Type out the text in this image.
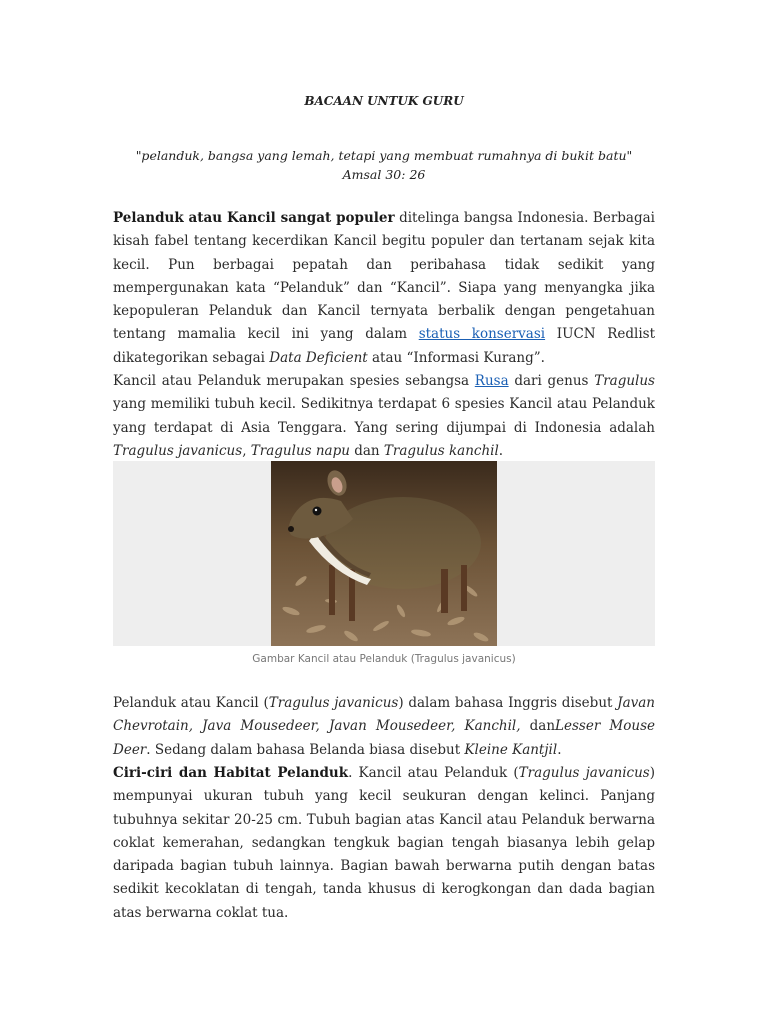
BACAAN UNTUK GURU
"pelanduk, bangsa yang lemah, tetapi yang membuat rumahnya di bukit batu"
Amsal 30: 26
Pelanduk atau Kancil sangat populer ditelinga bangsa Indonesia. Berbagai kisah fabel tentang kecerdikan Kancil begitu populer dan tertanam sejak kita kecil. Pun berbagai pepatah dan peribahasa tidak sedikit yang mempergunakan kata “Pelanduk” dan “Kancil”. Siapa yang menyangka jika kepopuleran Pelanduk dan Kancil ternyata berbalik dengan pengetahuan tentang mamalia kecil ini yang dalam status konservasi IUCN Redlist dikategorikan sebagai Data Deficient atau “Informasi Kurang”.
Kancil atau Pelanduk merupakan spesies sebangsa Rusa dari genus Tragulus yang memiliki tubuh kecil. Sedikitnya terdapat 6 spesies Kancil atau Pelanduk yang terdapat di Asia Tenggara. Yang sering dijumpai di Indonesia adalah Tragulus javanicus, Tragulus napu dan Tragulus kanchil.
Gambar Kancil atau Pelanduk (Tragulus javanicus)
Pelanduk atau Kancil (Tragulus javanicus) dalam bahasa Inggris disebut Javan Chevrotain, Java Mousedeer, Javan Mousedeer, Kanchil, danLesser Mouse Deer. Sedang dalam bahasa Belanda biasa disebut Kleine Kantjil.
Ciri-ciri dan Habitat Pelanduk. Kancil atau Pelanduk (Tragulus javanicus) mempunyai ukuran tubuh yang kecil seukuran dengan kelinci. Panjang tubuhnya sekitar 20-25 cm. Tubuh bagian atas Kancil atau Pelanduk berwarna coklat kemerahan, sedangkan tengkuk bagian tengah biasanya lebih gelap daripada bagian tubuh lainnya. Bagian bawah berwarna putih dengan batas sedikit kecoklatan di tengah, tanda khusus di kerogkongan dan dada bagian atas berwarna coklat tua.
